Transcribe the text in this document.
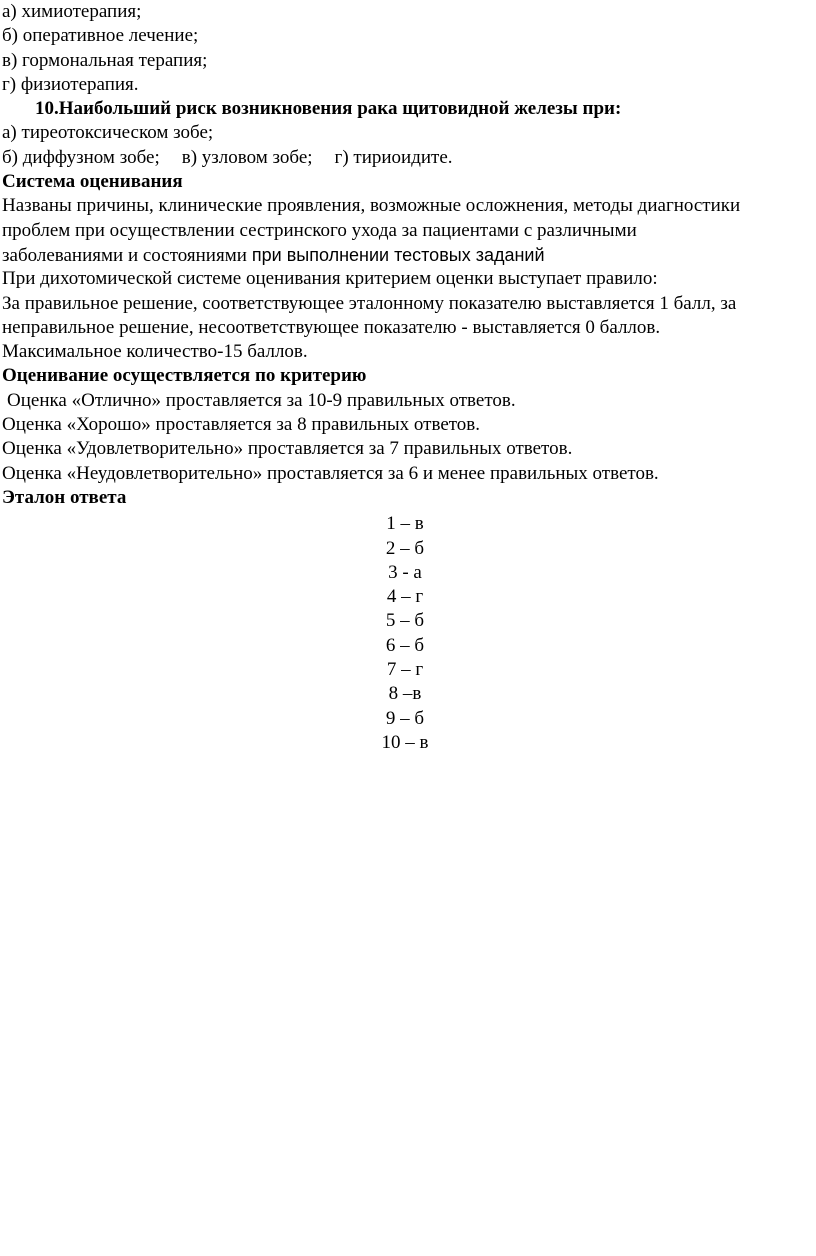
а) химиотерапия;
б) оперативное лечение;
в) гормональная терапия;
г) физиотерапия.
10.Наибольший риск возникновения рака щитовидной железы при:
а) тиреотоксическом зобе;
б) диффузном зобе; в) узловом зобе; г) тириоидите.
Система оценивания
Названы причины, клинические проявления, возможные осложнения, методы диагностики
проблем при осуществлении сестринского ухода за пациентами с различными
заболеваниями и состояниями при выполнении тестовых заданий
При дихотомической системе оценивания критерием оценки выступает правило:
За правильное решение, соответствующее эталонному показателю выставляется 1 балл, за
неправильное решение, несоответствующее показателю - выставляется 0 баллов.
Максимальное количество-15 баллов.
Оценивание осуществляется по критерию
Оценка «Отлично» проставляется за 10-9 правильных ответов.
Оценка «Хорошо» проставляется за 8 правильных ответов.
Оценка «Удовлетворительно» проставляется за 7 правильных ответов.
Оценка «Неудовлетворительно» проставляется за 6 и менее правильных ответов.
Эталон ответа
1 – в
2 – б
3 - а
4 – г
5 – б
6 – б
7 – г
8 –в
9 – б
10 – в
